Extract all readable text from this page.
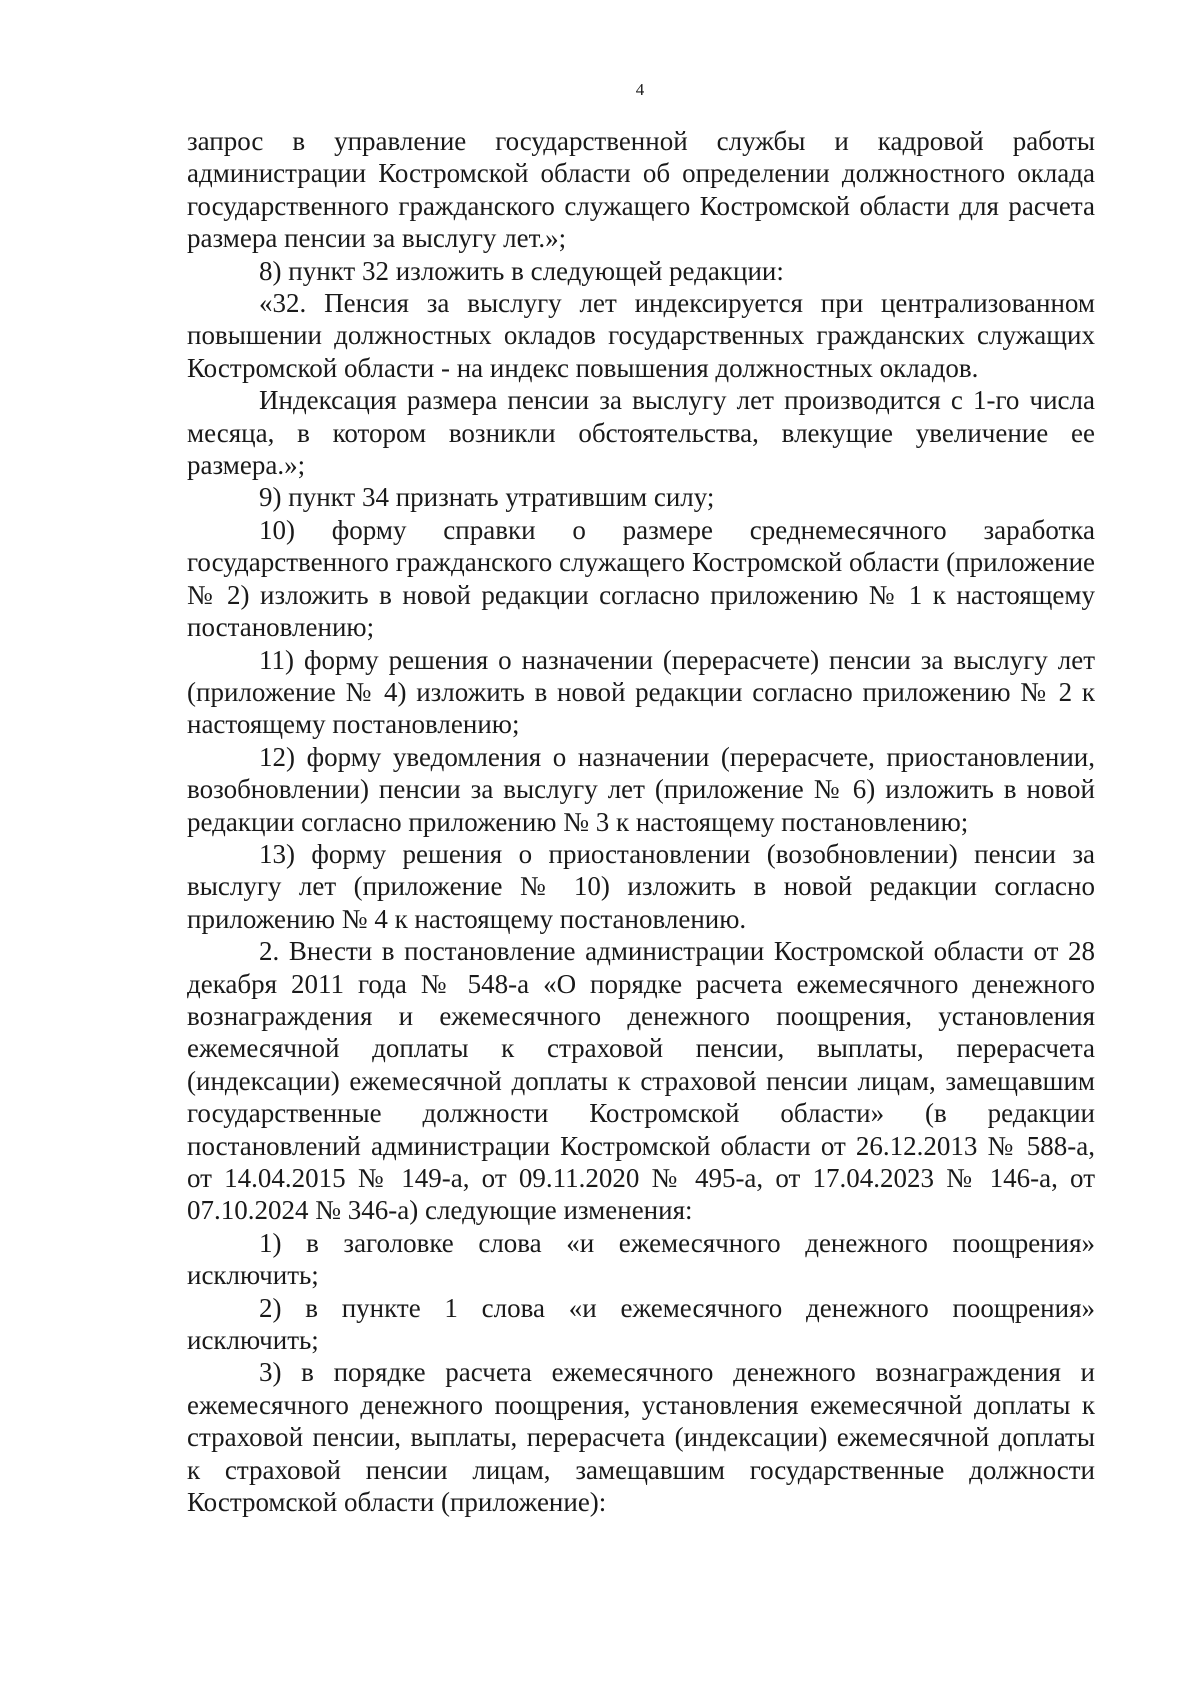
4

запрос в управление государственной службы и кадровой работы администрации Костромской области об определении должностного оклада государственного гражданского служащего Костромской области для расчета размера пенсии за выслугу лет.»;

8) пункт 32 изложить в следующей редакции:

«32. Пенсия за выслугу лет индексируется при централизованном повышении должностных окладов государственных гражданских служащих Костромской области - на индекс повышения должностных окладов.

Индексация размера пенсии за выслугу лет производится с 1-го числа месяца, в котором возникли обстоятельства, влекущие увеличение ее размера.»;

9) пункт 34 признать утратившим силу;

10) форму справки о размере среднемесячного заработка государственного гражданского служащего Костромской области (приложение № 2) изложить в новой редакции согласно приложению № 1 к настоящему постановлению;

11) форму решения о назначении (перерасчете) пенсии за выслугу лет (приложение № 4) изложить в новой редакции согласно приложению № 2 к настоящему постановлению;

12) форму уведомления о назначении (перерасчете, приостановлении, возобновлении) пенсии за выслугу лет (приложение № 6) изложить в новой редакции согласно приложению № 3 к настоящему постановлению;

13) форму решения о приостановлении (возобновлении) пенсии за выслугу лет (приложение № 10) изложить в новой редакции согласно приложению № 4 к настоящему постановлению.

2. Внести в постановление администрации Костромской области от 28 декабря 2011 года № 548-а «О порядке расчета ежемесячного денежного вознаграждения и ежемесячного денежного поощрения, установления ежемесячной доплаты к страховой пенсии, выплаты, перерасчета (индексации) ежемесячной доплаты к страховой пенсии лицам, замещавшим государственные должности Костромской области» (в редакции постановлений администрации Костромской области от 26.12.2013 № 588-а, от 14.04.2015 № 149-а, от 09.11.2020 № 495-а, от 17.04.2023 № 146-а, от 07.10.2024 № 346-а) следующие изменения:

1) в заголовке слова «и ежемесячного денежного поощрения» исключить;

2) в пункте 1 слова «и ежемесячного денежного поощрения» исключить;

3) в порядке расчета ежемесячного денежного вознаграждения и ежемесячного денежного поощрения, установления ежемесячной доплаты к страховой пенсии, выплаты, перерасчета (индексации) ежемесячной доплаты к страховой пенсии лицам, замещавшим государственные должности Костромской области (приложение):
